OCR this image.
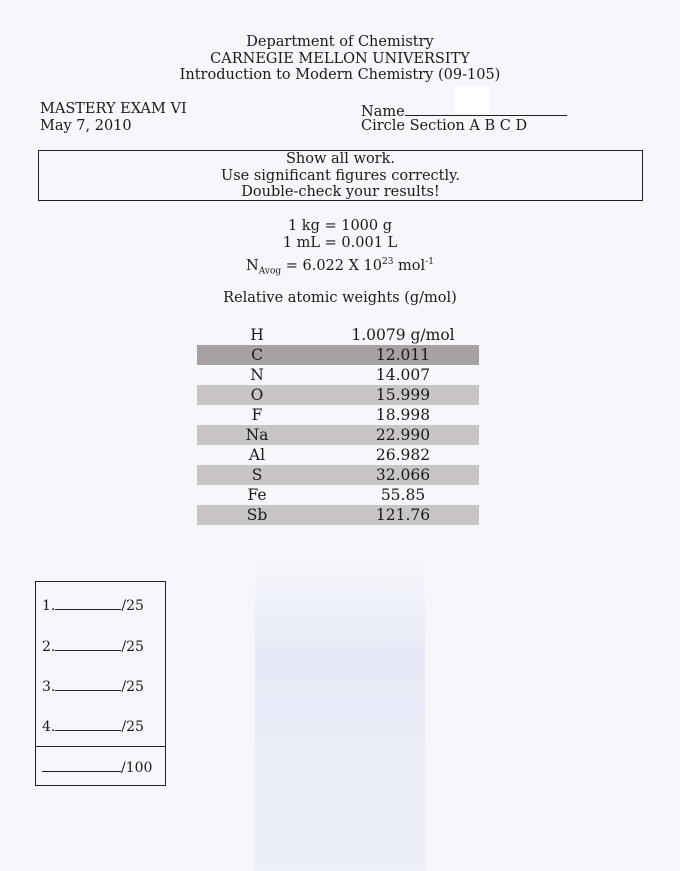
Department of Chemistry
CARNEGIE MELLON UNIVERSITY
Introduction to Modern Chemistry (09-105)
MASTERY EXAM VI
May 7, 2010
Name
Circle Section A B C D
Show all work.
Use significant figures correctly.
Double-check your results!
1 kg = 1000 g
1 mL = 0.001 L
$N_{Avog} = 6.022$ X $10^{23}$ mol$^{-1}$
Relative atomic weights (g/mol)
H	1.0079 g/mol
C	12.011
N	14.007
O	15.999
F	18.998
Na	22.990
Al	26.982
S	32.066
Fe	55.85
Sb	121.76
1.	/25
2.	/25
3.	/25
4.	/25
/100
